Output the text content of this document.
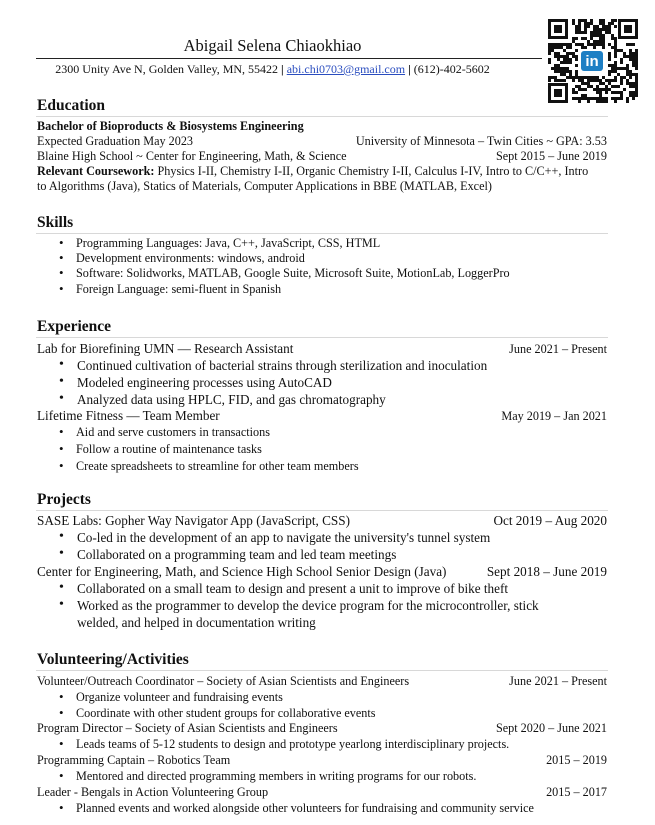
Abigail Selena Chiaokhiao
2300 Unity Ave N, Golden Valley, MN, 55422 | abi.chi0703@gmail.com | (612)-402-5602	in
Education
Bachelor of Bioproducts & Biosystems Engineering
Expected Graduation May 2023	University of Minnesota – Twin Cities ~ GPA: 3.53
Blaine High School ~ Center for Engineering, Math, & Science	Sept 2015 – June 2019
Relevant Coursework: Physics I-II, Chemistry I-II, Organic Chemistry I-II, Calculus I-IV, Intro to C/C++, Intro
to Algorithms (Java), Statics of Materials, Computer Applications in BBE (MATLAB, Excel)
Skills
• Programming Languages: Java, C++, JavaScript, CSS, HTML
• Development environments: windows, android
• Software: Solidworks, MATLAB, Google Suite, Microsoft Suite, MotionLab, LoggerPro
• Foreign Language: semi-fluent in Spanish
Experience
Lab for Biorefining UMN — Research Assistant	June 2021 – Present
• Continued cultivation of bacterial strains through sterilization and inoculation
• Modeled engineering processes using AutoCAD
• Analyzed data using HPLC, FID, and gas chromatography
Lifetime Fitness — Team Member	May 2019 – Jan 2021
• Aid and serve customers in transactions
• Follow a routine of maintenance tasks
• Create spreadsheets to streamline for other team members
Projects
SASE Labs: Gopher Way Navigator App (JavaScript, CSS)	Oct 2019 – Aug 2020
• Co-led in the development of an app to navigate the university's tunnel system
• Collaborated on a programming team and led team meetings
Center for Engineering, Math, and Science High School Senior Design (Java)	Sept 2018 – June 2019
• Collaborated on a small team to design and present a unit to improve of bike theft
• Worked as the programmer to develop the device program for the microcontroller, stick
welded, and helped in documentation writing
Volunteering/Activities
Volunteer/Outreach Coordinator – Society of Asian Scientists and Engineers	June 2021 – Present
• Organize volunteer and fundraising events
• Coordinate with other student groups for collaborative events
Program Director – Society of Asian Scientists and Engineers	Sept 2020 – June 2021
• Leads teams of 5-12 students to design and prototype yearlong interdisciplinary projects.
Programming Captain – Robotics Team	2015 – 2019
• Mentored and directed programming members in writing programs for our robots.
Leader - Bengals in Action Volunteering Group	2015 – 2017
• Planned events and worked alongside other volunteers for fundraising and community service
